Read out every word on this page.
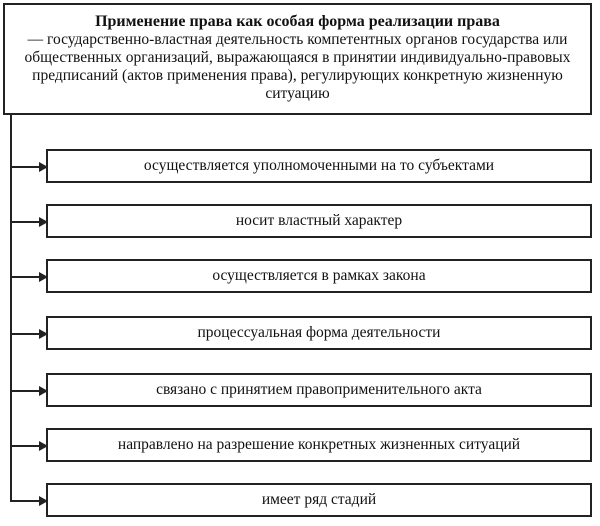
Применение права как особая форма реализации права
— государственно-властная деятельность компетентных органов государства или общественных организаций, выражающаяся в принятии индивидуально-правовых предписаний (актов применения права), регулирующих конкретную жизненную ситуацию
осуществляется уполномоченными на то субъектами
носит властный характер
осуществляется в рамках закона
процессуальная форма деятельности
связано с принятием правоприменительного акта
направлено на разрешение конкретных жизненных ситуаций
имеет ряд стадий
